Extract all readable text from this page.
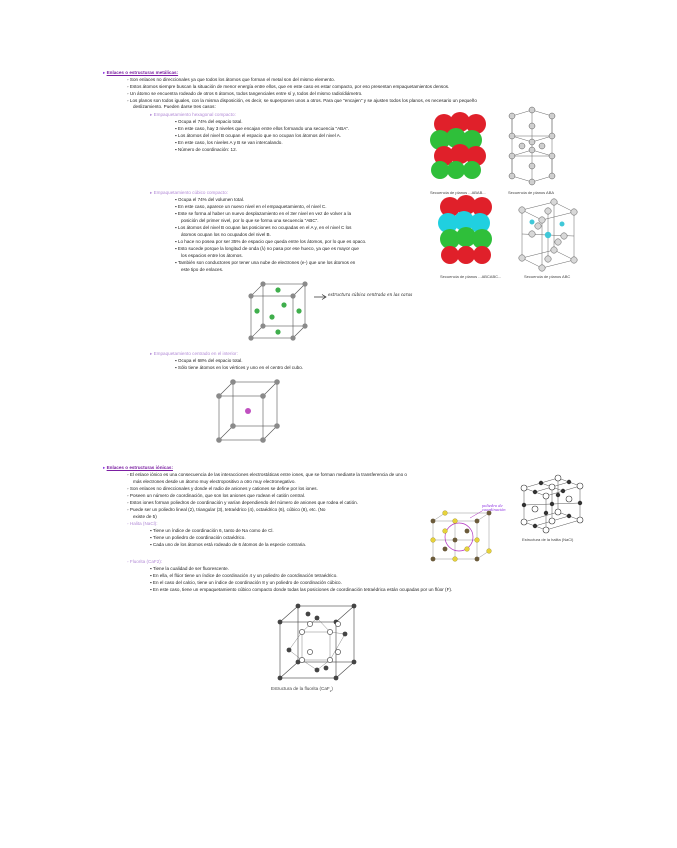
▸ Enlaces o estructuras metálicas:
◦ Son enlaces no direccionales ya que todos los átomos que forman el metal son del mismo elemento.
◦ Estos átomos siempre buscan la situación de menor energía entre ellos, que en este caso es estar compacto, por eso presentan empaquetamientos densos.
◦ Un átomo se encuentra rodeado de otros 6 átomos, todos tangenciales entre sí y, todos del mismo radio/diámetro.
◦ Los planos son todos iguales, con la misma disposición, es decir, se superponen unos a otros. Para que "encajen" y se ajusten todos los planos, es necesario un pequeño
deslizamiento. Pueden darse tres casos:
▸ Empaquetamiento hexagonal compacto:
▪ Ocupa el 74% del espacio total.
▪ En este caso, hay 3 niveles que encajan entre ellos formando una secuencia "ABA".
▪ Los átomos del nivel B ocupan el espacio que no ocupan los átomos del nivel A.
▪ En este caso, los niveles A y B se van intercalando.
▪ Número de coordinación: 12.
Secuencia de planos ...ABAB...	Secuencia de planos ABA
▸ Empaquetamiento cúbico compacto:
▪ Ocupa el 74% del volumen total.
▪ En este caso, aparece un nuevo nivel en el empaquetamiento, el nivel C.
▪ Este se forma al haber un nuevo desplazamiento en el 3er nivel en vez de volver a la
posición del primer nivel, por lo que se forma una secuencia "ABC".
▪ Los átomos del nivel B ocupan las posiciones no ocupadas en el A y, en el nivel C los
átomos ocupan los no ocupados del nivel B.
▪ Lo hace no posea por ser 35% de espacio que queda entre los átomos, por lo que es opaco.
▪ Esto sucede porque la longitud de onda (λ) no pasa por ese hueco, ya que es mayor que
los espacios entre los átomos.
▪ También son conductores por tener una nube de electrones (e-) que une los átomos en
este tipo de enlaces.
Secuencia de planos ...ABCABC...	Secuencia de planos ABC
estructura cúbica centrada en las caras
▸ Empaquetamiento centrado en el interior:
▪ Ocupa el 68% del espacio total.
▪ Sólo tiene átomos en los vértices y uno en el centro del cubo.
▸ Enlaces o estructuras iónicas:
◦ El enlace iónico es una consecuencia de las interacciones electrostáticas entre iones, que se forman mediante la transferencia de uno o
más electrones desde un átomo muy electropositivo a otro muy electronegativo.
◦ Son enlaces no direccionales y donde el radio de aniones y cationes se define por los iones.
◦ Poseen un número de coordinación, que son los aniones que rodean el catión central.
◦ Estos iones forman poliedros de coordinación y varían dependiendo del número de aniones que rodea el catión.
◦ Puede ser un poliedro lineal (2), triangular (3), tetraédrico (4), octaédrico (6), cúbico (8), etc. (No
existe de 5)
◦ Halita (NaCl):
▪ Tiene un índice de coordinación 6, tanto de Na como de Cl.
▪ Tiene un poliedro de coordinación octaédrico.
▪ Cada uno de los átomos está rodeado de 6 átomos de la especie contraria.
poliedro de coordinación
Estructura de la halita (NaCl)
◦ Fluorita (CaF2):
▪ Tiene la cualidad de ser fluorescente.
▪ En ella, el flúor tiene un índice de coordinación 4 y un poliedro de coordinación tetraédrico.
▪ En el caso del calcio, tiene un índice de coordinación 8 y un poliedro de coordinación cúbico.
▪ En este caso, tiene un empaquetamiento cúbico compacto donde todas las posiciones de coordinación tetraédrica están ocupadas por un flúor (F).
Estructura de la fluorita (CaF$_2$)
